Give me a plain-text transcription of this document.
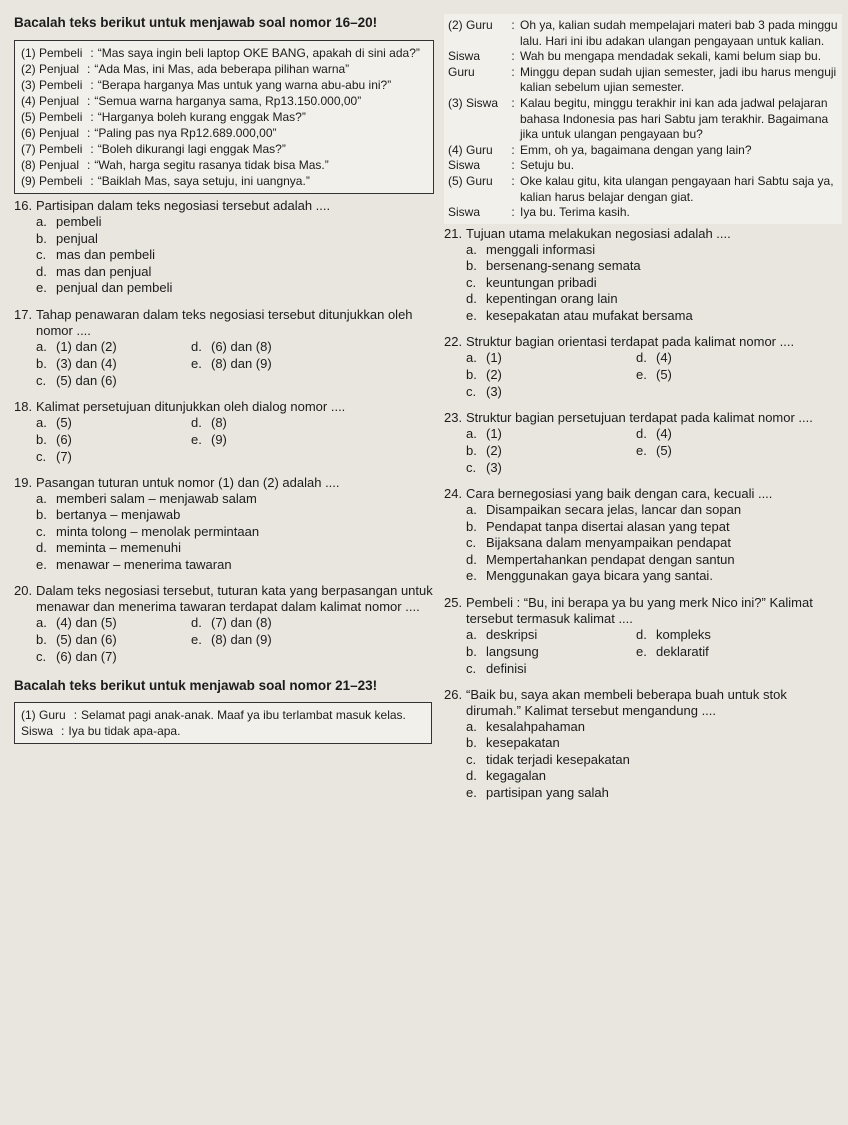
Bacalah teks berikut untuk menjawab soal nomor 16–20!
(1) Pembeli : “Mas saya ingin beli laptop OKE BANG, apakah di sini ada?”
(2) Penjual : “Ada Mas, ini Mas, ada beberapa pilihan warna”
(3) Pembeli : “Berapa harganya Mas untuk yang warna abu-abu ini?”
(4) Penjual : “Semua warna harganya sama, Rp13.150.000,00”
(5) Pembeli : “Harganya boleh kurang enggak Mas?”
(6) Penjual : “Paling pas nya Rp12.689.000,00”
(7) Pembeli : “Boleh dikurangi lagi enggak Mas?”
(8) Penjual : “Wah, harga segitu rasanya tidak bisa Mas.”
(9) Pembeli : “Baiklah Mas, saya setuju, ini uangnya.”
16. Partisipan dalam teks negosiasi tersebut adalah ....
a. pembeli
b. penjual
c. mas dan pembeli
d. mas dan penjual
e. penjual dan pembeli
17. Tahap penawaran dalam teks negosiasi tersebut ditunjukkan oleh nomor ....
a. (1) dan (2)	d. (6) dan (8)
b. (3) dan (4)	e. (8) dan (9)
c. (5) dan (6)
18. Kalimat persetujuan ditunjukkan oleh dialog nomor ....
a. (5)	d. (8)
b. (6)	e. (9)
c. (7)
19. Pasangan tuturan untuk nomor (1) dan (2) adalah ....
a. memberi salam – menjawab salam
b. bertanya – menjawab
c. minta tolong – menolak permintaan
d. meminta – memenuhi
e. menawar – menerima tawaran
20. Dalam teks negosiasi tersebut, tuturan kata yang berpasangan untuk menawar dan menerima tawaran terdapat dalam kalimat nomor ....
a. (4) dan (5)	d. (7) dan (8)
b. (5) dan (6)	e. (8) dan (9)
c. (6) dan (7)
Bacalah teks berikut untuk menjawab soal nomor 21–23!
(1) Guru : Selamat pagi anak-anak. Maaf ya ibu terlambat masuk kelas.
Siswa : Iya bu tidak apa-apa.
(2) Guru	: Oh ya, kalian sudah mempelajari materi bab 3 pada minggu lalu. Hari ini ibu adakan ulangan pengayaan untuk kalian.
Siswa	: Wah bu mengapa mendadak sekali, kami belum siap bu.
Guru	: Minggu depan sudah ujian semester, jadi ibu harus menguji kalian sebelum ujian semester.
(3) Siswa	: Kalau begitu, minggu terakhir ini kan ada jadwal pelajaran bahasa Indonesia pas hari Sabtu jam terakhir. Bagaimana jika untuk ulangan pengayaan bu?
(4) Guru	: Emm, oh ya, bagaimana dengan yang lain?
Siswa	: Setuju bu.
(5) Guru	: Oke kalau gitu, kita ulangan pengayaan hari Sabtu saja ya, kalian harus belajar dengan giat.
Siswa	: Iya bu. Terima kasih.
21. Tujuan utama melakukan negosiasi adalah ....
a. menggali informasi
b. bersenang-senang semata
c. keuntungan pribadi
d. kepentingan orang lain
e. kesepakatan atau mufakat bersama
22. Struktur bagian orientasi terdapat pada kalimat nomor ....
a. (1)	d. (4)
b. (2)	e. (5)
c. (3)
23. Struktur bagian persetujuan terdapat pada kalimat nomor ....
a. (1)	d. (4)
b. (2)	e. (5)
c. (3)
24. Cara bernegosiasi yang baik dengan cara, kecuali ....
a. Disampaikan secara jelas, lancar dan sopan
b. Pendapat tanpa disertai alasan yang tepat
c. Bijaksana dalam menyampaikan pendapat
d. Mempertahankan pendapat dengan santun
e. Menggunakan gaya bicara yang santai.
25. Pembeli : “Bu, ini berapa ya bu yang merk Nico ini?” Kalimat tersebut termasuk kalimat ....
a. deskripsi	d. kompleks
b. langsung	e. deklaratif
c. definisi
26. “Baik bu, saya akan membeli beberapa buah untuk stok dirumah.” Kalimat tersebut mengandung ....
a. kesalahpahaman
b. kesepakatan
c. tidak terjadi kesepakatan
d. kegagalan
e. partisipan yang salah
